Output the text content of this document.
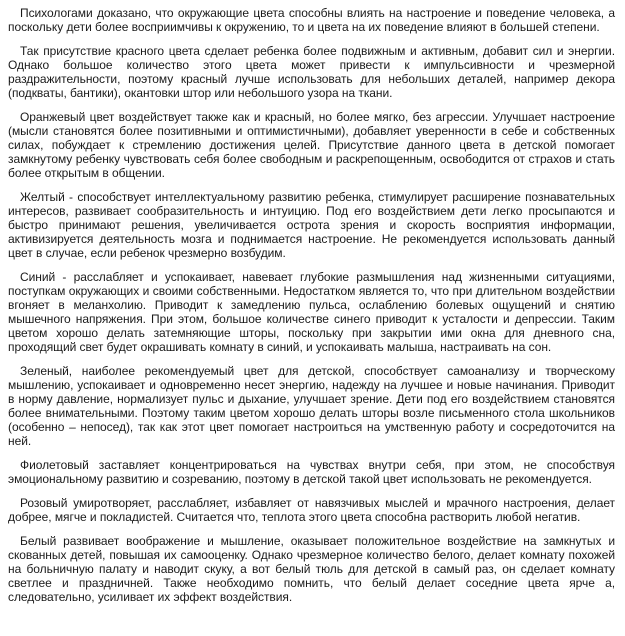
Психологами доказано, что окружающие цвета способны влиять на настроение и поведение человека, а поскольку дети более восприимчивы к окружению, то и цвета на их поведение влияют в большей степени.

Так присутствие красного цвета сделает ребенка более подвижным и активным, добавит сил и энергии. Однако большое количество этого цвета может привести к импульсивности и чрезмерной раздражительности, поэтому красный лучше использовать для небольших деталей, например декора (подкваты, бантики), окантовки штор или небольшого узора на ткани.

Оранжевый цвет воздействует также как и красный, но более мягко, без агрессии. Улучшает настроение (мысли становятся более позитивными и оптимистичными), добавляет уверенности в себе и собственных силах, побуждает к стремлению достижения целей. Присутствие данного цвета в детской помогает замкнутому ребенку чувствовать себя более свободным и раскрепощенным, освободится от страхов и стать более открытым в общении.

Желтый - способствует интеллектуальному развитию ребенка, стимулирует расширение познавательных интересов, развивает сообразительность и интуицию. Под его воздействием дети легко просыпаются и быстро принимают решения, увеличивается острота зрения и скорость восприятия информации, активизируется деятельность мозга и поднимается настроение. Не рекомендуется использовать данный цвет в случае, если ребенок чрезмерно возбудим.

Синий - расслабляет и успокаивает, навевает глубокие размышления над жизненными ситуациями, поступкам окружающих и своими собственными. Недостатком является то, что при длительном воздействии вгоняет в меланхолию. Приводит к замедлению пульса, ослаблению болевых ощущений и снятию мышечного напряжения. При этом, большое количестве синего приводит к усталости и депрессии. Таким цветом хорошо делать затемняющие шторы, поскольку при закрытии ими окна для дневного сна, проходящий свет будет окрашивать комнату в синий, и успокаивать малыша, настраивать на сон.

Зеленый, наиболее рекомендуемый цвет для детской, способствует самоанализу и творческому мышлению, успокаивает и одновременно несет энергию, надежду на лучшее и новые начинания. Приводит в норму давление, нормализует пульс и дыхание, улучшает зрение. Дети под его воздействием становятся более внимательными. Поэтому таким цветом хорошо делать шторы возле письменного стола школьников (особенно – непосед), так как этот цвет помогает настроиться на умственную работу и сосредоточится на ней.

Фиолетовый заставляет концентрироваться на чувствах внутри себя, при этом, не способствуя эмоциональному развитию и созреванию, поэтому в детской такой цвет использовать не рекомендуется.

Розовый умиротворяет, расслабляет, избавляет от навязчивых мыслей и мрачного настроения, делает добрее, мягче и покладистей. Считается что, теплота этого цвета способна растворить любой негатив.

Белый развивает воображение и мышление, оказывает положительное воздействие на замкнутых и скованных детей, повышая их самооценку. Однако чрезмерное количество белого, делает комнату похожей на больничную палату и наводит скуку, а вот белый тюль для детской в самый раз, он сделает комнату светлее и праздничней. Также необходимо помнить, что белый делает соседние цвета ярче а, следовательно, усиливает их эффект воздействия.
